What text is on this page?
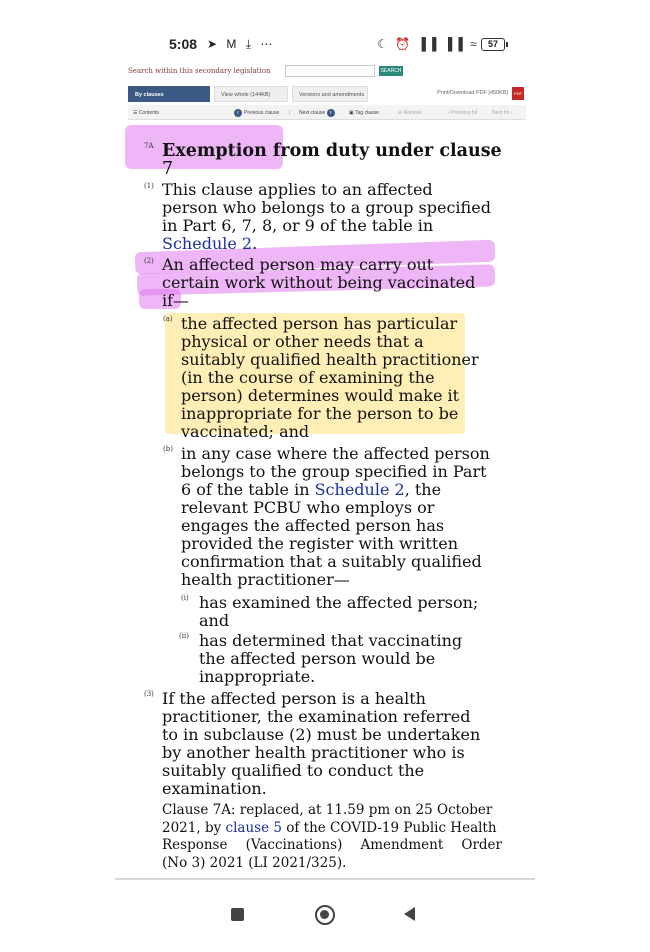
5:08 ➤ M ⤓ ⋯	☾ ⏰ ▐▐ ▐▐ ≈	57
Search within this secondary legislation	SEARCH
By clauses	View whole (144KB)	Versions and amendments	Print/Download PDF [450KB]	PDF
☰ Contents	‹ Previous clause | Next clause ›	▣ Tag clause	⊘ Remove	‹ Previous hit	Next hit ›
7A Exemption from duty under clause
7
(1) This clause applies to an affected
person who belongs to a group specified
in Part 6, 7, 8, or 9 of the table in
Schedule 2.
(2) An affected person may carry out
certain work without being vaccinated
if—
(a) the affected person has particular
physical or other needs that a
suitably qualified health practitioner
(in the course of examining the
person) determines would make it
inappropriate for the person to be
vaccinated; and
(b) in any case where the affected person
belongs to the group specified in Part
6 of the table in Schedule 2, the
relevant PCBU who employs or
engages the affected person has
provided the register with written
confirmation that a suitably qualified
health practitioner—
(i) has examined the affected person;
and
(ii) has determined that vaccinating
the affected person would be
inappropriate.
(3) If the affected person is a health
practitioner, the examination referred
to in subclause (2) must be undertaken
by another health practitioner who is
suitably qualified to conduct the
examination.
Clause 7A: replaced, at 11.59 pm on 25 October
2021, by clause 5 of the COVID-19 Public Health
Response (Vaccinations) Amendment Order
(No 3) 2021 (LI 2021/325).
